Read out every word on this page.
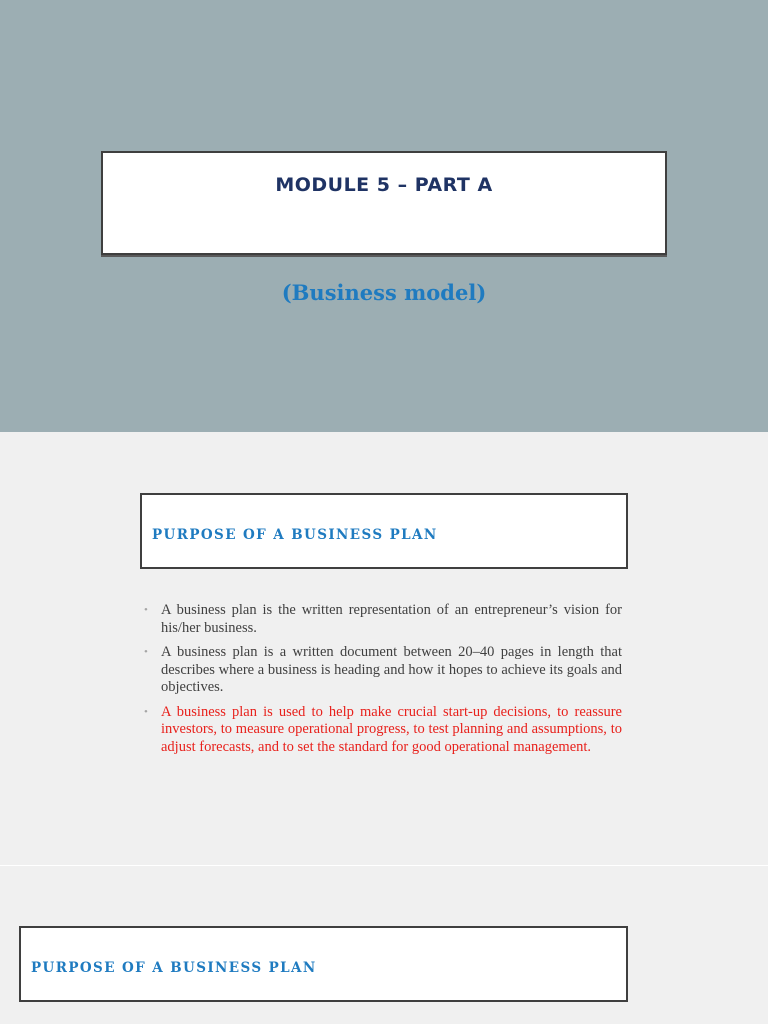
MODULE 5 – PART A
(Business model)
PURPOSE OF A BUSINESS PLAN
• A business plan is the written representation of an entrepreneur’s vision for his/her business.
• A business plan is a written document between 20–40 pages in length that describes where a business is heading and how it hopes to achieve its goals and objectives.
• A business plan is used to help make crucial start-up decisions, to reassure investors, to measure operational progress, to test planning and assumptions, to adjust forecasts, and to set the standard for good operational management.
PURPOSE OF A BUSINESS PLAN
